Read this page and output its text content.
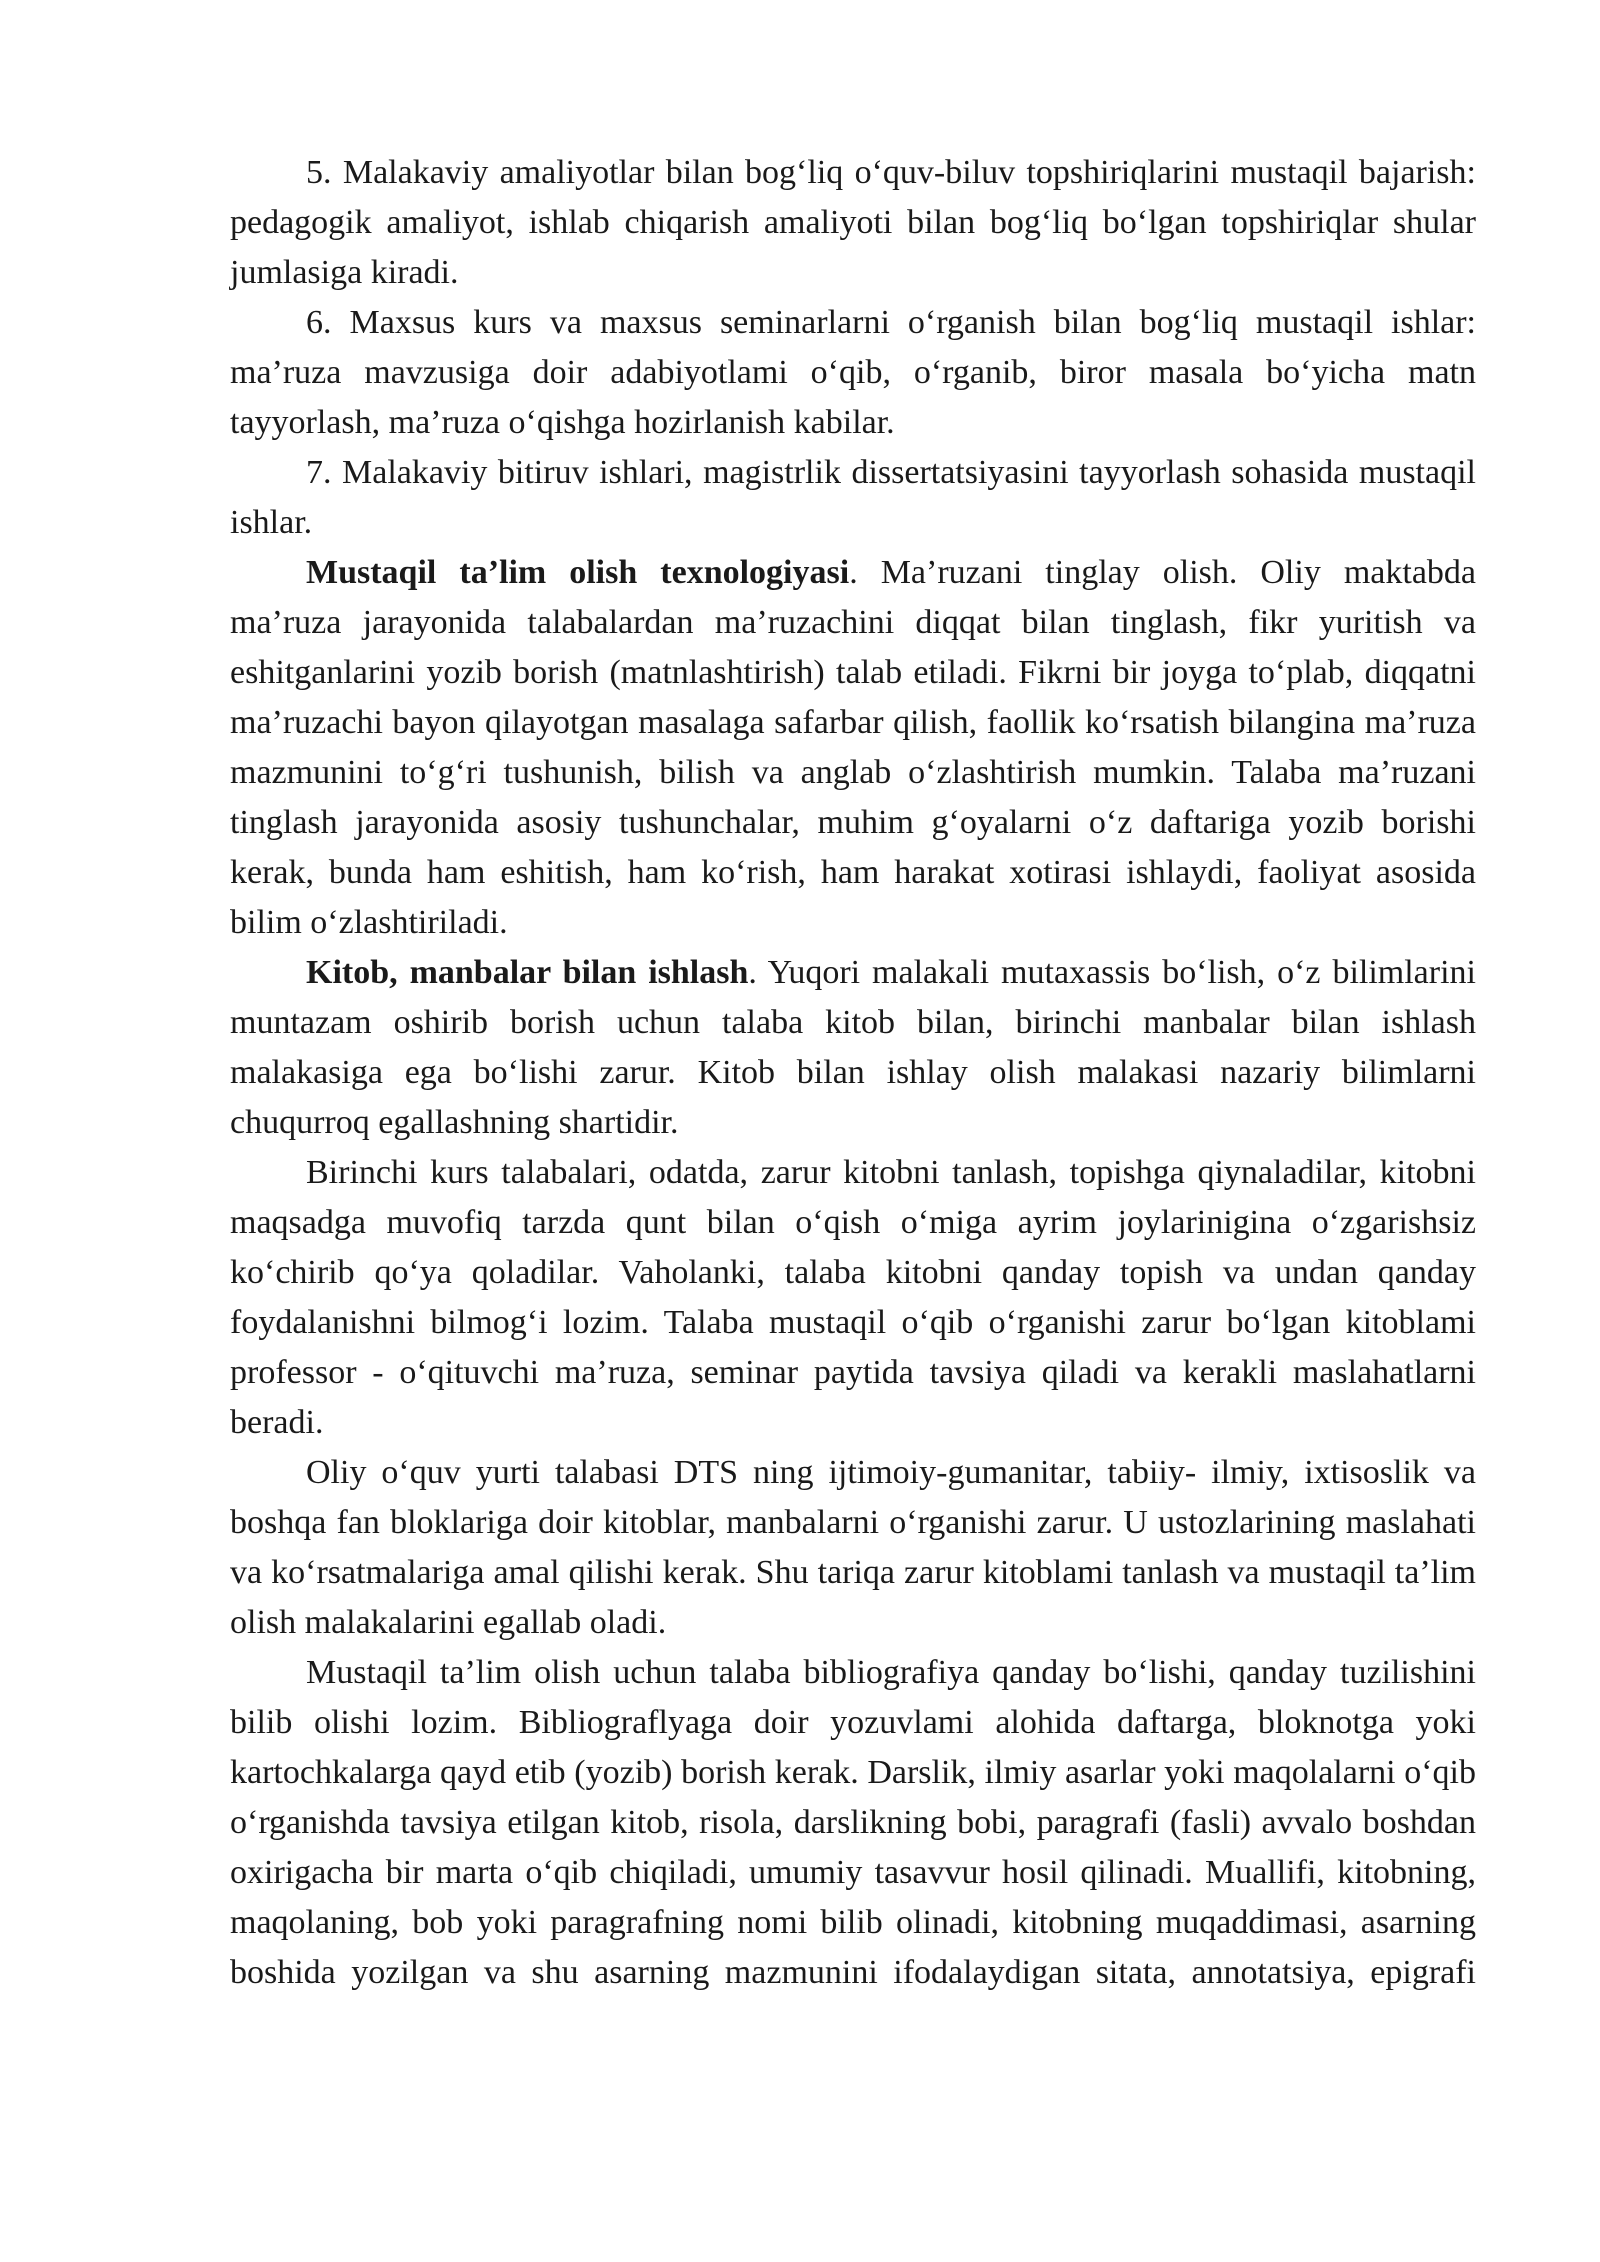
5. Malakaviy amaliyotlar bilan bog‘liq o‘quv-biluv topshiriqlarini mustaqil bajarish: pedagogik amaliyot, ishlab chiqarish amaliyoti bilan bog‘liq bo‘lgan topshiriqlar shular jumlasiga kiradi.

6. Maxsus kurs va maxsus seminarlarni o‘rganish bilan bog‘liq mustaqil ishlar: ma’ruza mavzusiga doir adabiyotlami o‘qib, o‘rganib, biror masala bo‘yicha matn tayyorlash, ma’ruza o‘qishga hozirlanish kabilar.

7. Malakaviy bitiruv ishlari, magistrlik dissertatsiyasini tayyorlash sohasida mustaqil ishlar.

Mustaqil ta’lim olish texnologiyasi. Ma’ruzani tinglay olish. Oliy maktabda ma’ruza jarayonida talabalardan ma’ruzachini diqqat bilan tinglash, fikr yuritish va eshitganlarini yozib borish (matnlashtirish) talab etiladi. Fikrni bir joyga to‘plab, diqqatni ma’ruzachi bayon qilayotgan masalaga safarbar qilish, faollik ko‘rsatish bilangina ma’ruza mazmunini to‘g‘ri tushunish, bilish va anglab o‘zlashtirish mumkin. Talaba ma’ruzani tinglash jarayonida asosiy tushunchalar, muhim g‘oyalarni o‘z daftariga yozib borishi kerak, bunda ham eshitish, ham ko‘rish, ham harakat xotirasi ishlaydi, faoliyat asosida bilim o‘zlashtiriladi.

Kitob, manbalar bilan ishlash. Yuqori malakali mutaxassis bo‘lish, o‘z bilimlarini muntazam oshirib borish uchun talaba kitob bilan, birinchi manbalar bilan ishlash malakasiga ega bo‘lishi zarur. Kitob bilan ishlay olish malakasi nazariy bilimlarni chuqurroq egallashning shartidir.

Birinchi kurs talabalari, odatda, zarur kitobni tanlash, topishga qiynaladilar, kitobni maqsadga muvofiq tarzda qunt bilan o‘qish o‘miga ayrim joylarinigina o‘zgarishsiz ko‘chirib qo‘ya qoladilar. Vaholanki, talaba kitobni qanday topish va undan qanday foydalanishni bilmog‘i lozim. Talaba mustaqil o‘qib o‘rganishi zarur bo‘lgan kitoblami professor - o‘qituvchi ma’ruza, seminar paytida tavsiya qiladi va kerakli maslahatlarni beradi.

Oliy o‘quv yurti talabasi DTS ning ijtimoiy-gumanitar, tabiiy- ilmiy, ixtisoslik va boshqa fan bloklariga doir kitoblar, manbalarni o‘rganishi zarur. U ustozlarining maslahati va ko‘rsatmalariga amal qilishi kerak. Shu tariqa zarur kitoblami tanlash va mustaqil ta’lim olish malakalarini egallab oladi.

Mustaqil ta’lim olish uchun talaba bibliografiya qanday bo‘lishi, qanday tuzilishini bilib olishi lozim. Bibliograflyaga doir yozuvlami alohida daftarga, bloknotga yoki kartochkalarga qayd etib (yozib) borish kerak. Darslik, ilmiy asarlar yoki maqolalarni o‘qib o‘rganishda tavsiya etilgan kitob, risola, darslikning bobi, paragrafi (fasli) avvalo boshdan oxirigacha bir marta o‘qib chiqiladi, umumiy tasavvur hosil qilinadi. Muallifi, kitobning, maqolaning, bob yoki paragrafning nomi bilib olinadi, kitobning muqaddimasi, asarning boshida yozilgan va shu asarning mazmunini ifodalaydigan sitata, annotatsiya, epigrafi
